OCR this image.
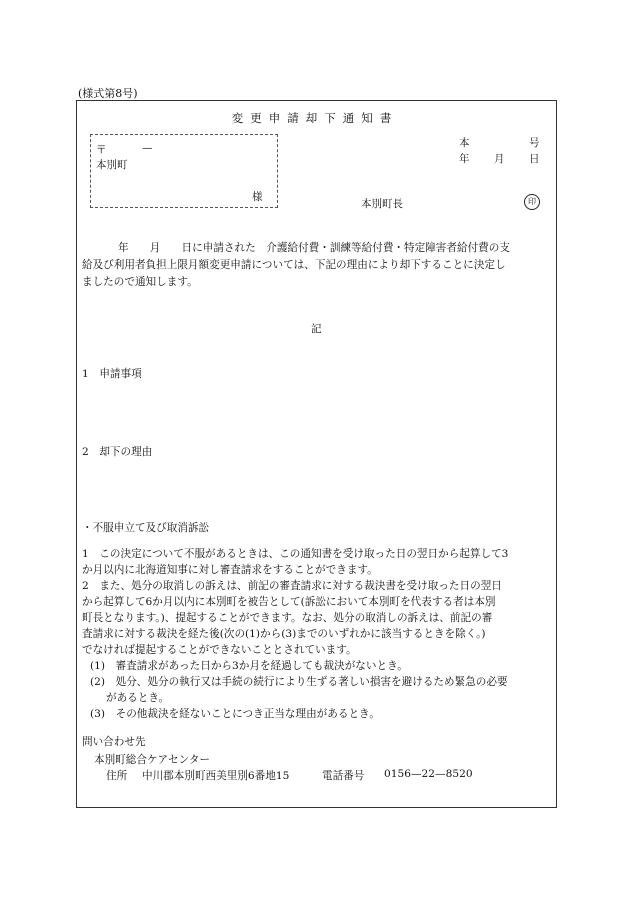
(様式第8号)
変更申請却下通知書
〒	—
本別町
様
本	号
年 月 日
本別町長	印
年　　月　　日に申請された　介護給付費・訓練等給付費・特定障害者給付費の支
給及び利用者負担上限月額変更申請については、下記の理由により却下することに決定し
ましたので通知します。
記
1　申請事項
2　却下の理由
・不服申立て及び取消訴訟
1　この決定について不服があるときは、この通知書を受け取った日の翌日から起算して3
か月以内に北海道知事に対し審査請求をすることができます。
2　また、処分の取消しの訴えは、前記の審査請求に対する裁決書を受け取った日の翌日
から起算して6か月以内に本別町を被告として(訴訟において本別町を代表する者は本別
町長となります。)、提起することができます。なお、処分の取消しの訴えは、前記の審
査請求に対する裁決を経た後(次の(1)から(3)までのいずれかに該当するときを除く。)
でなければ提起することができないこととされています。
(1)　審査請求があった日から3か月を経過しても裁決がないとき。
(2)　処分、処分の執行又は手続の続行により生ずる著しい損害を避けるため緊急の必要
があるとき。
(3)　その他裁決を経ないことにつき正当な理由があるとき。
問い合わせ先
本別町総合ケアセンター
住所 中川郡本別町西美里別6番地15	電話番号 0156—22—8520
